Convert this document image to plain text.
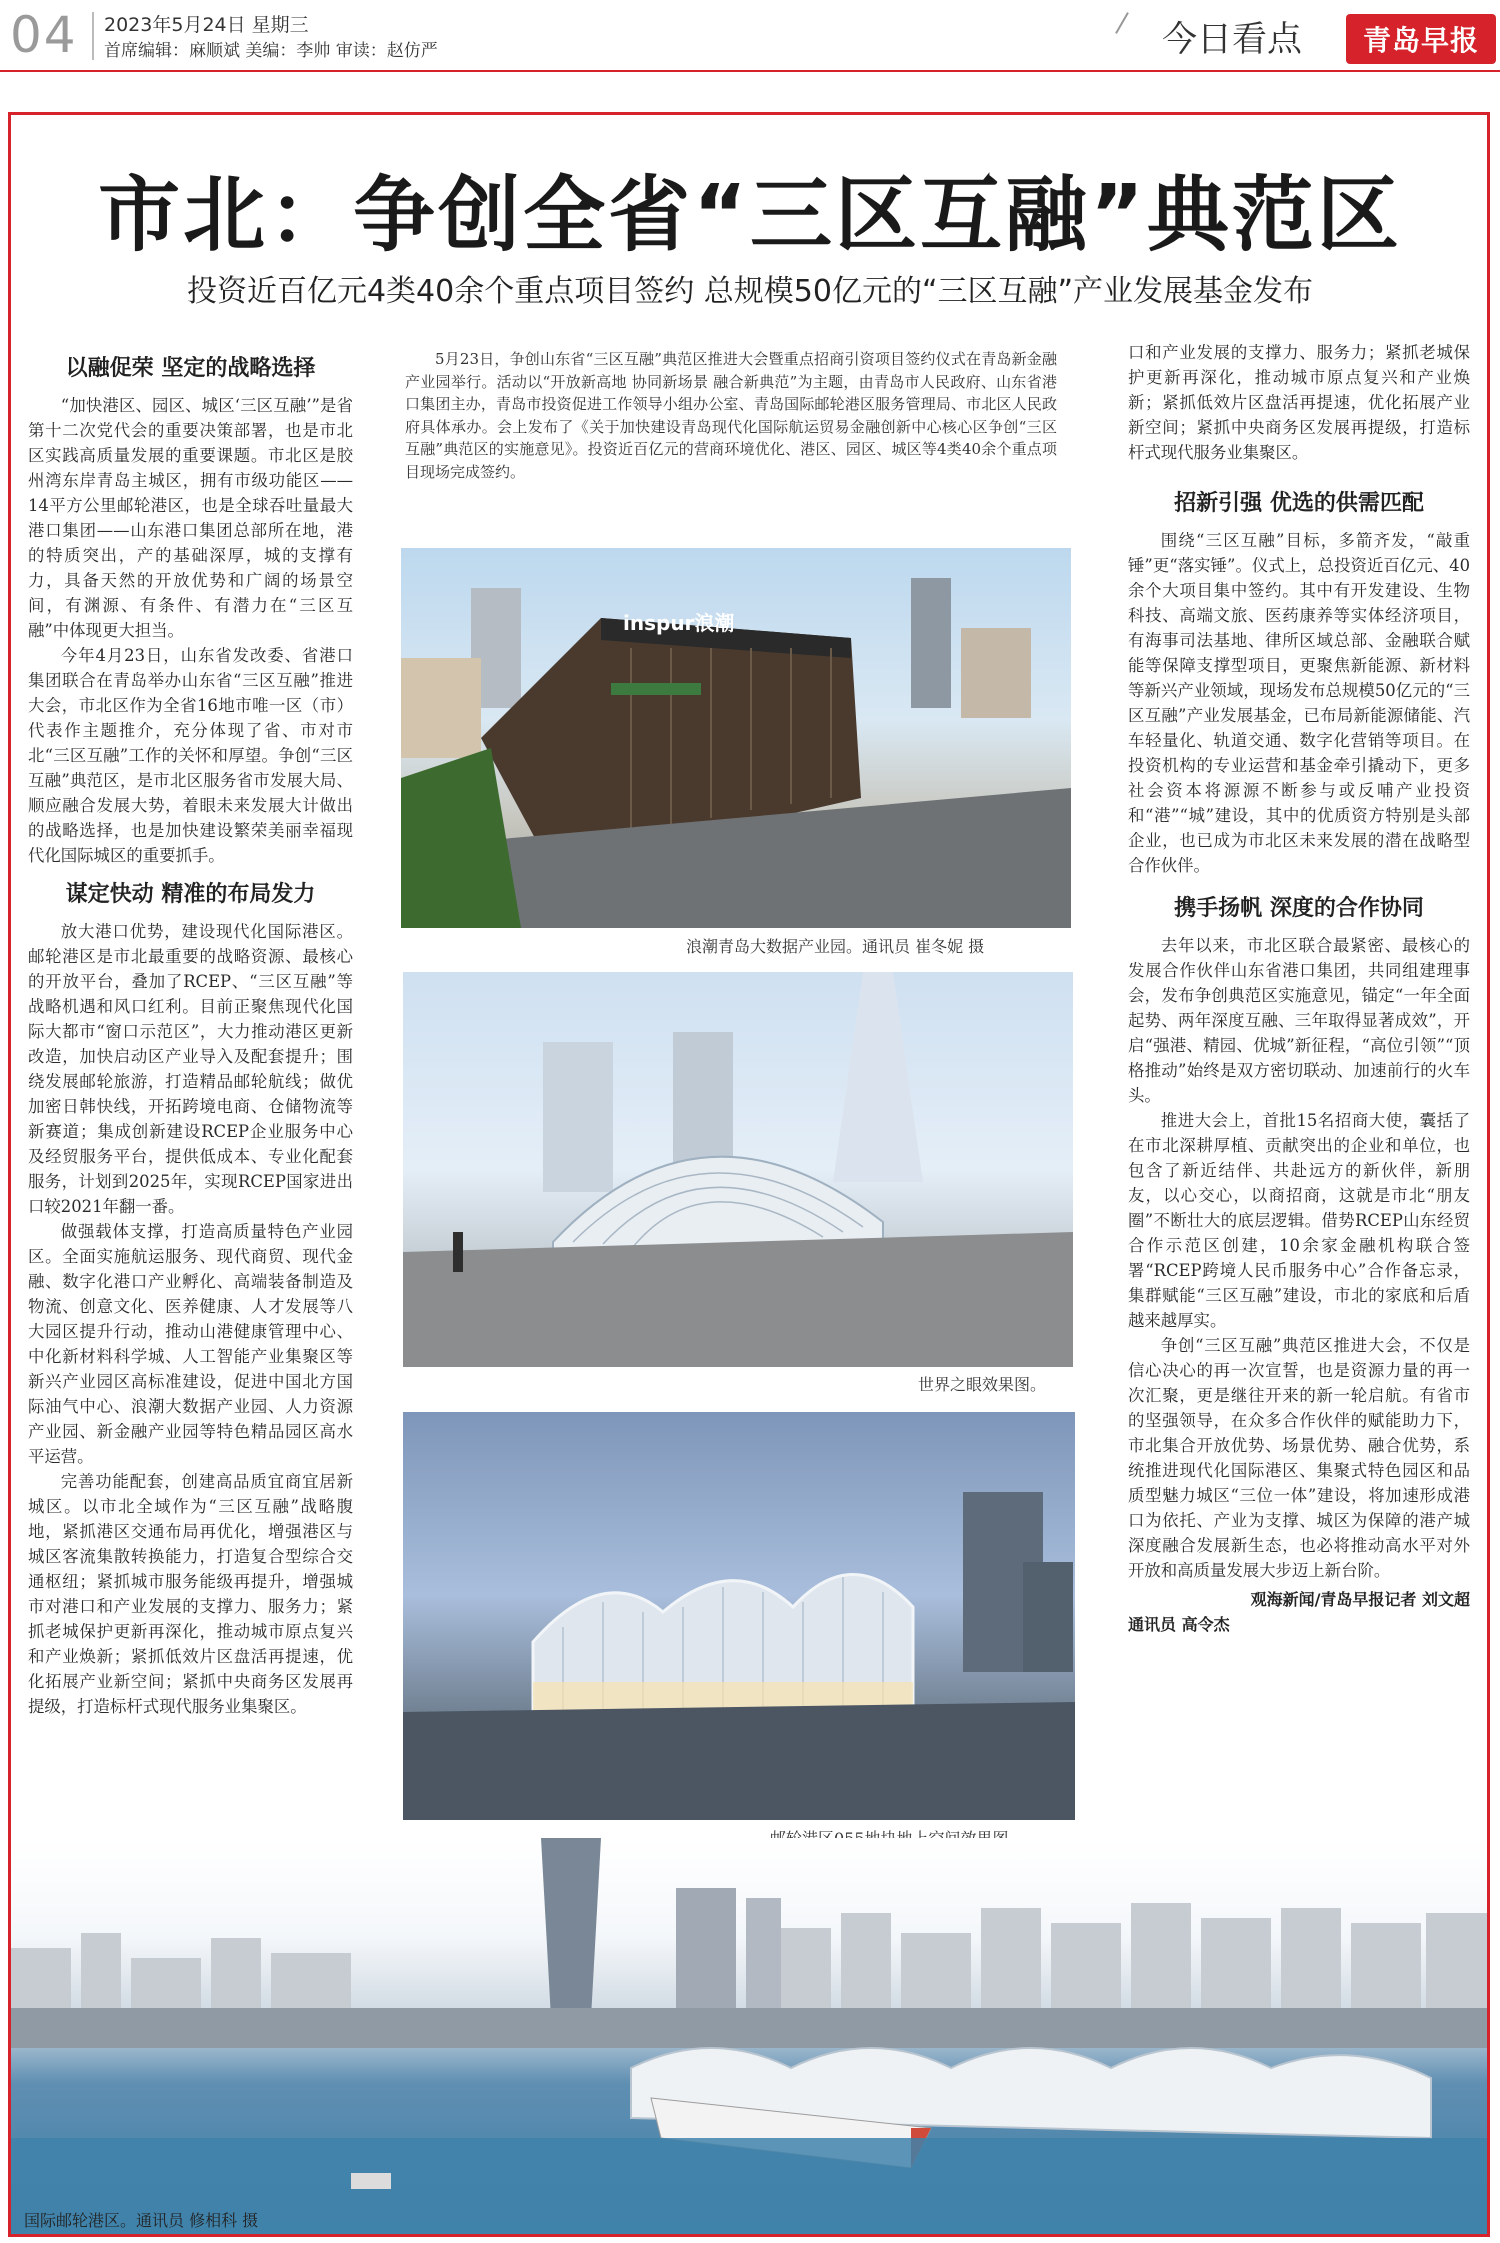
04 2023年5月24日 星期三
首席编辑：麻顺斌 美编：李帅 审读：赵仿严	今日看点	青岛早报
市北：争创全省“三区互融”典范区
投资近百亿元4类40余个重点项目签约 总规模50亿元的“三区互融”产业发展基金发布
以融促荣 坚定的战略选择

“加快港区、园区、城区‘三区互融’”是省第十二次党代会的重要决策部署，也是市北区实践高质量发展的重要课题。市北区是胶州湾东岸青岛主城区，拥有市级功能区——14平方公里邮轮港区，也是全球吞吐量最大港口集团——山东港口集团总部所在地，港的特质突出，产的基础深厚，城的支撑有力，具备天然的开放优势和广阔的场景空间，有渊源、有条件、有潜力在“三区互融”中体现更大担当。

今年4月23日，山东省发改委、省港口集团联合在青岛举办山东省“三区互融”推进大会，市北区作为全省16地市唯一区（市）代表作主题推介，充分体现了省、市对市北“三区互融”工作的关怀和厚望。争创“三区互融”典范区，是市北区服务省市发展大局、顺应融合发展大势，着眼未来发展大计做出的战略选择，也是加快建设繁荣美丽幸福现代化国际城区的重要抓手。

谋定快动 精准的布局发力

放大港口优势，建设现代化国际港区。邮轮港区是市北最重要的战略资源、最核心的开放平台，叠加了RCEP、“三区互融”等战略机遇和风口红利。目前正聚焦现代化国际大都市“窗口示范区”，大力推动港区更新改造，加快启动区产业导入及配套提升；围绕发展邮轮旅游，打造精品邮轮航线；做优加密日韩快线，开拓跨境电商、仓储物流等新赛道；集成创新建设RCEP企业服务中心及经贸服务平台，提供低成本、专业化配套服务，计划到2025年，实现RCEP国家进出口较2021年翻一番。

做强载体支撑，打造高质量特色产业园区。全面实施航运服务、现代商贸、现代金融、数字化港口产业孵化、高端装备制造及物流、创意文化、医养健康、人才发展等八大园区提升行动，推动山港健康管理中心、中化新材料科学城、人工智能产业集聚区等新兴产业园区高标准建设，促进中国北方国际油气中心、浪潮大数据产业园、人力资源产业园、新金融产业园等特色精品园区高水平运营。

完善功能配套，创建高品质宜商宜居新城区。以市北全域作为“三区互融”战略腹地，紧抓港区交通布局再优化，增强港区与城区客流集散转换能力，打造复合型综合交通枢纽；紧抓城市服务能级再提升，增强城市对港口和产业发展的支撑力、服务力；紧抓老城保护更新再深化，推动城市原点复兴和产业焕新；紧抓低效片区盘活再提速，优化拓展产业新空间；紧抓中央商务区发展再提级，打造标杆式现代服务业集聚区。

5月23日，争创山东省“三区互融”典范区推进大会暨重点招商引资项目签约仪式在青岛新金融产业园举行。活动以“开放新高地 协同新场景 融合新典范”为主题，由青岛市人民政府、山东省港口集团主办，青岛市投资促进工作领导小组办公室、青岛国际邮轮港区服务管理局、市北区人民政府具体承办。会上发布了《关于加快建设青岛现代化国际航运贸易金融创新中心核心区争创“三区互融”典范区的实施意见》。投资近百亿元的营商环境优化、港区、园区、城区等4类40余个重点项目现场完成签约。
inspur浪潮
浪潮青岛大数据产业园。通讯员 崔冬妮 摄
世界之眼效果图。

口和产业发展的支撑力、服务力；紧抓老城保护更新再深化，推动城市原点复兴和产业焕新；紧抓低效片区盘活再提速，优化拓展产业新空间；紧抓中央商务区发展再提级，打造标杆式现代服务业集聚区。

招新引强 优选的供需匹配

围绕“三区互融”目标，多箭齐发，“敲重锤”更“落实锤”。仪式上，总投资近百亿元、40余个大项目集中签约。其中有开发建设、生物科技、高端文旅、医药康养等实体经济项目，有海事司法基地、律所区域总部、金融联合赋能等保障支撑型项目，更聚焦新能源、新材料等新兴产业领域，现场发布总规模50亿元的“三区互融”产业发展基金，已布局新能源储能、汽车轻量化、轨道交通、数字化营销等项目。在投资机构的专业运营和基金牵引撬动下，更多社会资本将源源不断参与或反哺产业投资和“港”“城”建设，其中的优质资方特别是头部企业，也已成为市北区未来发展的潜在战略型合作伙伴。

携手扬帆 深度的合作协同

去年以来，市北区联合最紧密、最核心的发展合作伙伴山东省港口集团，共同组建理事会，发布争创典范区实施意见，锚定“一年全面起势、两年深度互融、三年取得显著成效”，开启“强港、精园、优城”新征程，“高位引领”“顶格推动”始终是双方密切联动、加速前行的火车头。

推进大会上，首批15名招商大使，囊括了在市北深耕厚植、贡献突出的企业和单位，也包含了新近结伴、共赴远方的新伙伴，新朋友，以心交心，以商招商，这就是市北“朋友圈”不断壮大的底层逻辑。借势RCEP山东经贸合作示范区创建，10余家金融机构联合签署“RCEP跨境人民币服务中心”合作备忘录，集群赋能“三区互融”建设，市北的家底和后盾越来越厚实。

争创“三区互融”典范区推进大会，不仅是信心决心的再一次宣誓，也是资源力量的再一次汇聚，更是继往开来的新一轮启航。有省市的坚强领导，在众多合作伙伴的赋能助力下，市北集合开放优势、场景优势、融合优势，系统推进现代化国际港区、集聚式特色园区和品质型魅力城区“三位一体”建设，将加速形成港口为依托、产业为支撑、城区为保障的港产城深度融合发展新生态，也必将推动高水平对外开放和高质量发展大步迈上新台阶。

观海新闻/青岛早报记者 刘文超
通讯员 高令杰
国际邮轮港区。通讯员 修相科 摄
